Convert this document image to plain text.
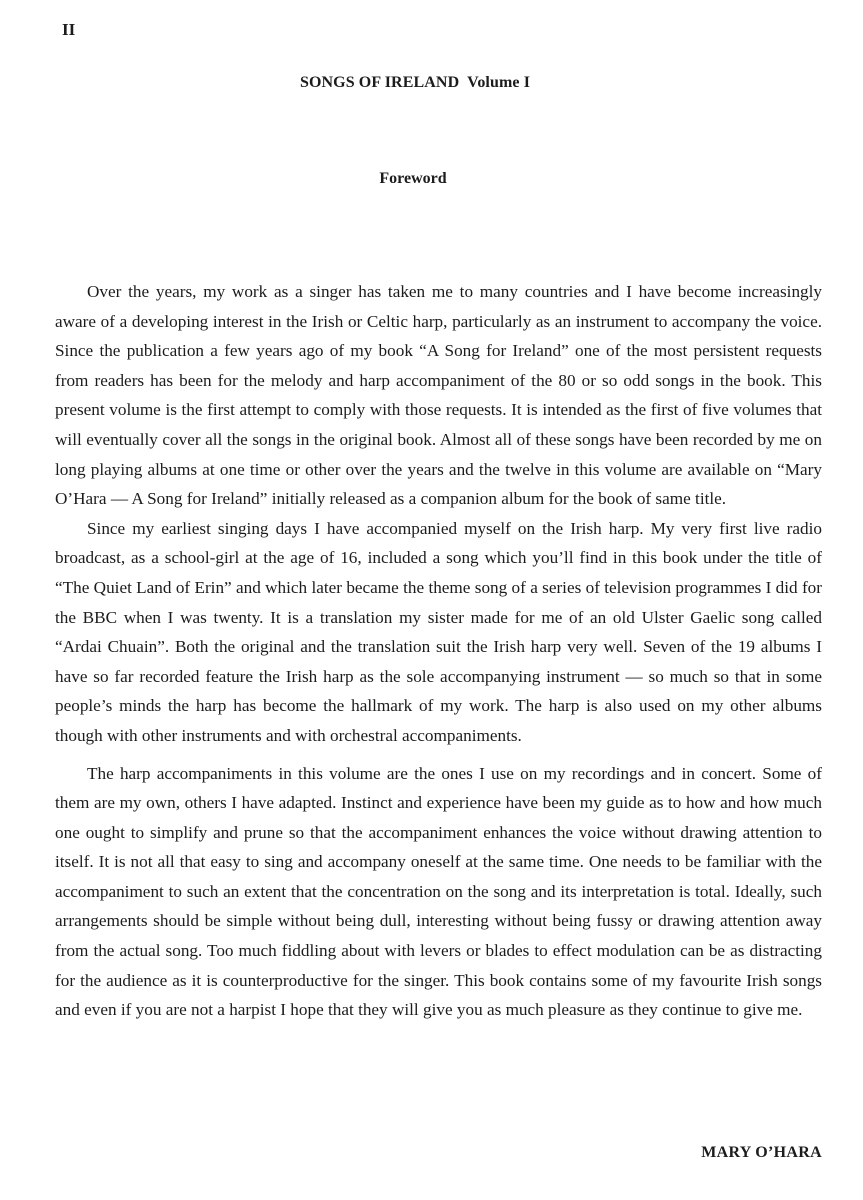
II
SONGS OF IRELAND  Volume I
Foreword

Over the years, my work as a singer has taken me to many countries and I have become increasingly aware of a developing interest in the Irish or Celtic harp, particularly as an instrument to accompany the voice. Since the publication a few years ago of my book “A Song for Ireland” one of the most persistent requests from readers has been for the melody and harp accompaniment of the 80 or so odd songs in the book. This present volume is the first attempt to comply with those requests. It is intended as the first of five volumes that will eventually cover all the songs in the original book. Almost all of these songs have been recorded by me on long playing albums at one time or other over the years and the twelve in this volume are available on “Mary O’Hara — A Song for Ireland” initially released as a companion album for the book of same title.

Since my earliest singing days I have accompanied myself on the Irish harp. My very first live radio broadcast, as a school-girl at the age of 16, included a song which you’ll find in this book under the title of “The Quiet Land of Erin” and which later became the theme song of a series of television programmes I did for the BBC when I was twenty. It is a translation my sister made for me of an old Ulster Gaelic song called “Ardai Chuain”. Both the original and the translation suit the Irish harp very well. Seven of the 19 albums I have so far recorded feature the Irish harp as the sole accompanying instrument — so much so that in some people’s minds the harp has become the hallmark of my work. The harp is also used on my other albums though with other instruments and with orchestral accompaniments.

The harp accompaniments in this volume are the ones I use on my recordings and in concert. Some of them are my own, others I have adapted. Instinct and experience have been my guide as to how and how much one ought to simplify and prune so that the accompaniment enhances the voice without drawing attention to itself. It is not all that easy to sing and accompany oneself at the same time. One needs to be familiar with the accompaniment to such an extent that the concentration on the song and its interpretation is total. Ideally, such arrangements should be simple without being dull, interesting without being fussy or drawing attention away from the actual song. Too much fiddling about with levers or blades to effect modulation can be as distracting for the audience as it is counterproductive for the singer. This book contains some of my favourite Irish songs and even if you are not a harpist I hope that they will give you as much pleasure as they continue to give me.

MARY O’HARA
